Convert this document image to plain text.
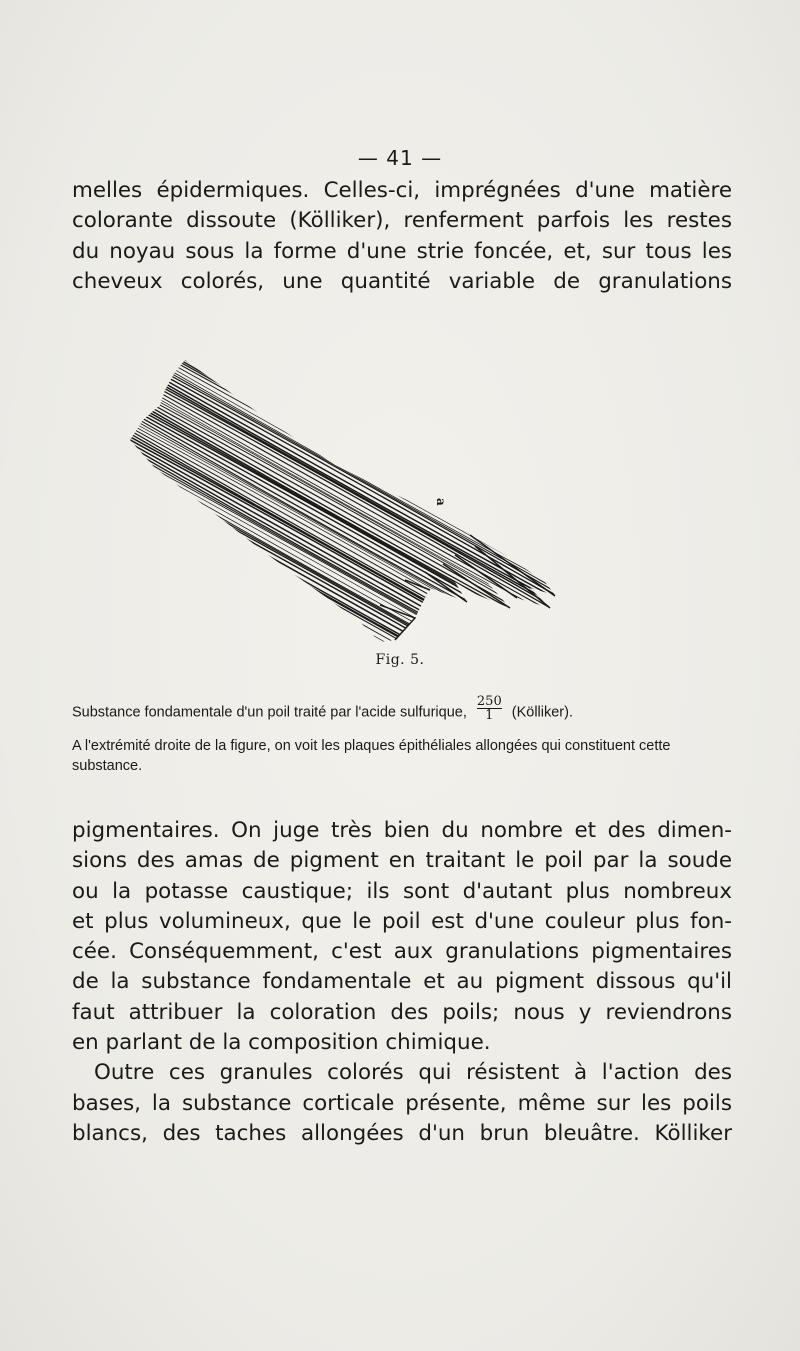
— 41 —
melles épidermiques. Celles-ci, imprégnées d'une matière
colorante dissoute (Kölliker), renferment parfois les restes
du noyau sous la forme d'une strie foncée, et, sur tous les
cheveux colorés, une quantité variable de granulations
a
Fig. 5.
Substance fondamentale d'un poil traité par l'acide sulfurique, $\frac{250}{1}$ (Kölliker).
A l'extrémité droite de la figure, on voit les plaques épithéliales allongées qui constituent cette substance.
pigmentaires. On juge très bien du nombre et des dimen-
sions des amas de pigment en traitant le poil par la soude
ou la potasse caustique; ils sont d'autant plus nombreux
et plus volumineux, que le poil est d'une couleur plus fon-
cée. Conséquemment, c'est aux granulations pigmentaires
de la substance fondamentale et au pigment dissous qu'il
faut attribuer la coloration des poils; nous y reviendrons
en parlant de la composition chimique.
Outre ces granules colorés qui résistent à l'action des
bases, la substance corticale présente, même sur les poils
blancs, des taches allongées d'un brun bleuâtre. Kölliker
